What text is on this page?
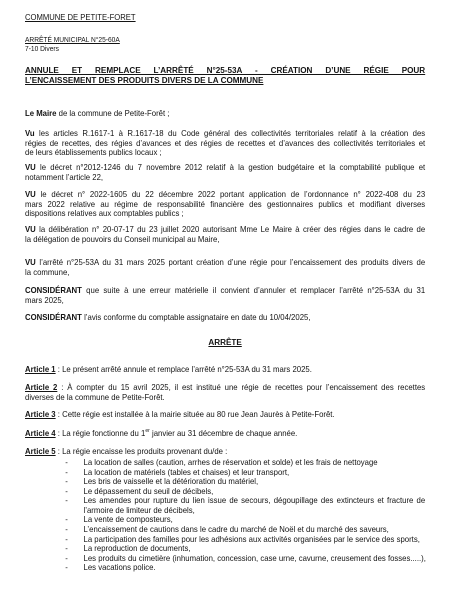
COMMUNE DE PETITE-FORET
ARRÊTÉ MUNICIPAL N°25-60A
7-10 Divers
ANNULE ET REMPLACE L’ARRÊTÉ N°25-53A - CRÉATION D’UNE RÉGIE POUR
L’ENCAISSEMENT DES PRODUITS DIVERS DE LA COMMUNE
Le Maire de la commune de Petite-Forêt ;
Vu les articles R.1617-1 à R.1617-18 du Code général des collectivités territoriales relatif à la création des
régies de recettes, des régies d’avances et des régies de recettes et d’avances des collectivités territoriales et
de leurs établissements publics locaux ;
VU le décret n°2012-1246 du 7 novembre 2012 relatif à la gestion budgétaire et la comptabilité publique et
notamment l’article 22,
VU le décret n° 2022-1605 du 22 décembre 2022 portant application de l’ordonnance n° 2022-408 du 23
mars 2022 relative au régime de responsabilité financière des gestionnaires publics et modifiant diverses
dispositions relatives aux comptables publics ;
VU la délibération n° 20-07-17 du 23 juillet 2020 autorisant Mme Le Maire à créer des régies dans le cadre de
la délégation de pouvoirs du Conseil municipal au Maire,
VU l’arrêté n°25-53A du 31 mars 2025 portant création d’une régie pour l’encaissement des produits divers de
la commune,
CONSIDÉRANT que suite à une erreur matérielle il convient d’annuler et remplacer l’arrêté n°25-53A du 31
mars 2025,
CONSIDÉRANT l’avis conforme du comptable assignataire en date du 10/04/2025,
ARRÊTE
Article 1 : Le présent arrêté annule et remplace l’arrêté n°25-53A du 31 mars 2025.
Article 2 : À compter du 15 avril 2025, il est institué une régie de recettes pour l’encaissement des recettes
diverses de la commune de Petite-Forêt.
Article 3 : Cette régie est installée à la mairie située au 80 rue Jean Jaurès à Petite-Forêt.
Article 4 : La régie fonctionne du 1er janvier au 31 décembre de chaque année.
Article 5 : La régie encaisse les produits provenant du/de :
- La location de salles (caution, arrhes de réservation et solde) et les frais de nettoyage
- La location de matériels (tables et chaises) et leur transport,
- Les bris de vaisselle et la détérioration du matériel,
- Le dépassement du seuil de décibels,
- Les amendes pour rupture du lien issue de secours, dégoupillage des extincteurs et fracture de l’armoire de limiteur de décibels,
- La vente de composteurs,
- L’encaissement de cautions dans le cadre du marché de Noël et du marché des saveurs,
- La participation des familles pour les adhésions aux activités organisées par le service des sports,
- La reproduction de documents,
- Les produits du cimetière (inhumation, concession, case urne, cavurne, creusement des fosses.....),
- Les vacations police.
